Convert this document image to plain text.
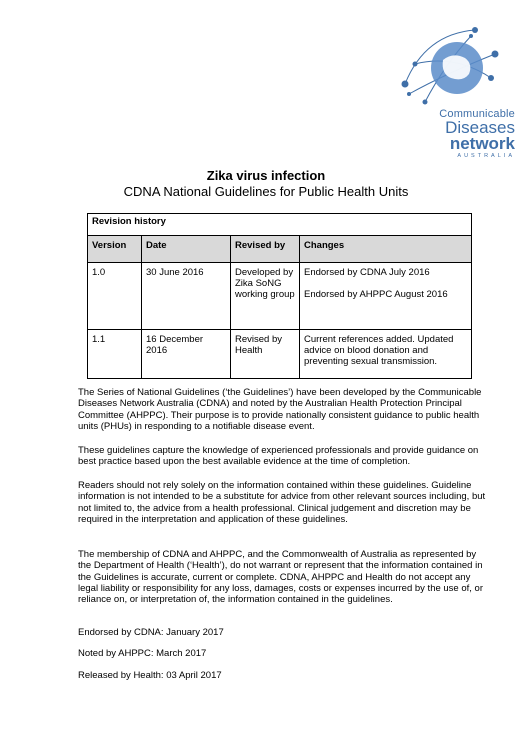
Communicable
Diseases
network
AUSTRALIA
Zika virus infection
CDNA National Guidelines for Public Health Units
Revision history			
Version	Date	Revised by	Changes
1.0	30 June 2016	Developed by Zika SoNG working group	Endorsed by CDNA July 2016
Endorsed by AHPPC August 2016
1.1	16 December 2016	Revised by Health	Current references added. Updated advice on blood donation and preventing sexual transmission.
The Series of National Guidelines (‘the Guidelines’) have been developed by the Communicable Diseases Network Australia (CDNA) and noted by the Australian Health Protection Principal Committee (AHPPC). Their purpose is to provide nationally consistent guidance to public health units (PHUs) in responding to a notifiable disease event.
These guidelines capture the knowledge of experienced professionals and provide guidance on best practice based upon the best available evidence at the time of completion.
Readers should not rely solely on the information contained within these guidelines. Guideline information is not intended to be a substitute for advice from other relevant sources including, but not limited to, the advice from a health professional. Clinical judgement and discretion may be required in the interpretation and application of these guidelines.
The membership of CDNA and AHPPC, and the Commonwealth of Australia as represented by the Department of Health (‘Health’), do not warrant or represent that the information contained in the Guidelines is accurate, current or complete. CDNA, AHPPC and Health do not accept any legal liability or responsibility for any loss, damages, costs or expenses incurred by the use of, or reliance on, or interpretation of, the information contained in the guidelines.
Endorsed by CDNA: January 2017
Noted by AHPPC: March 2017
Released by Health: 03 April 2017
